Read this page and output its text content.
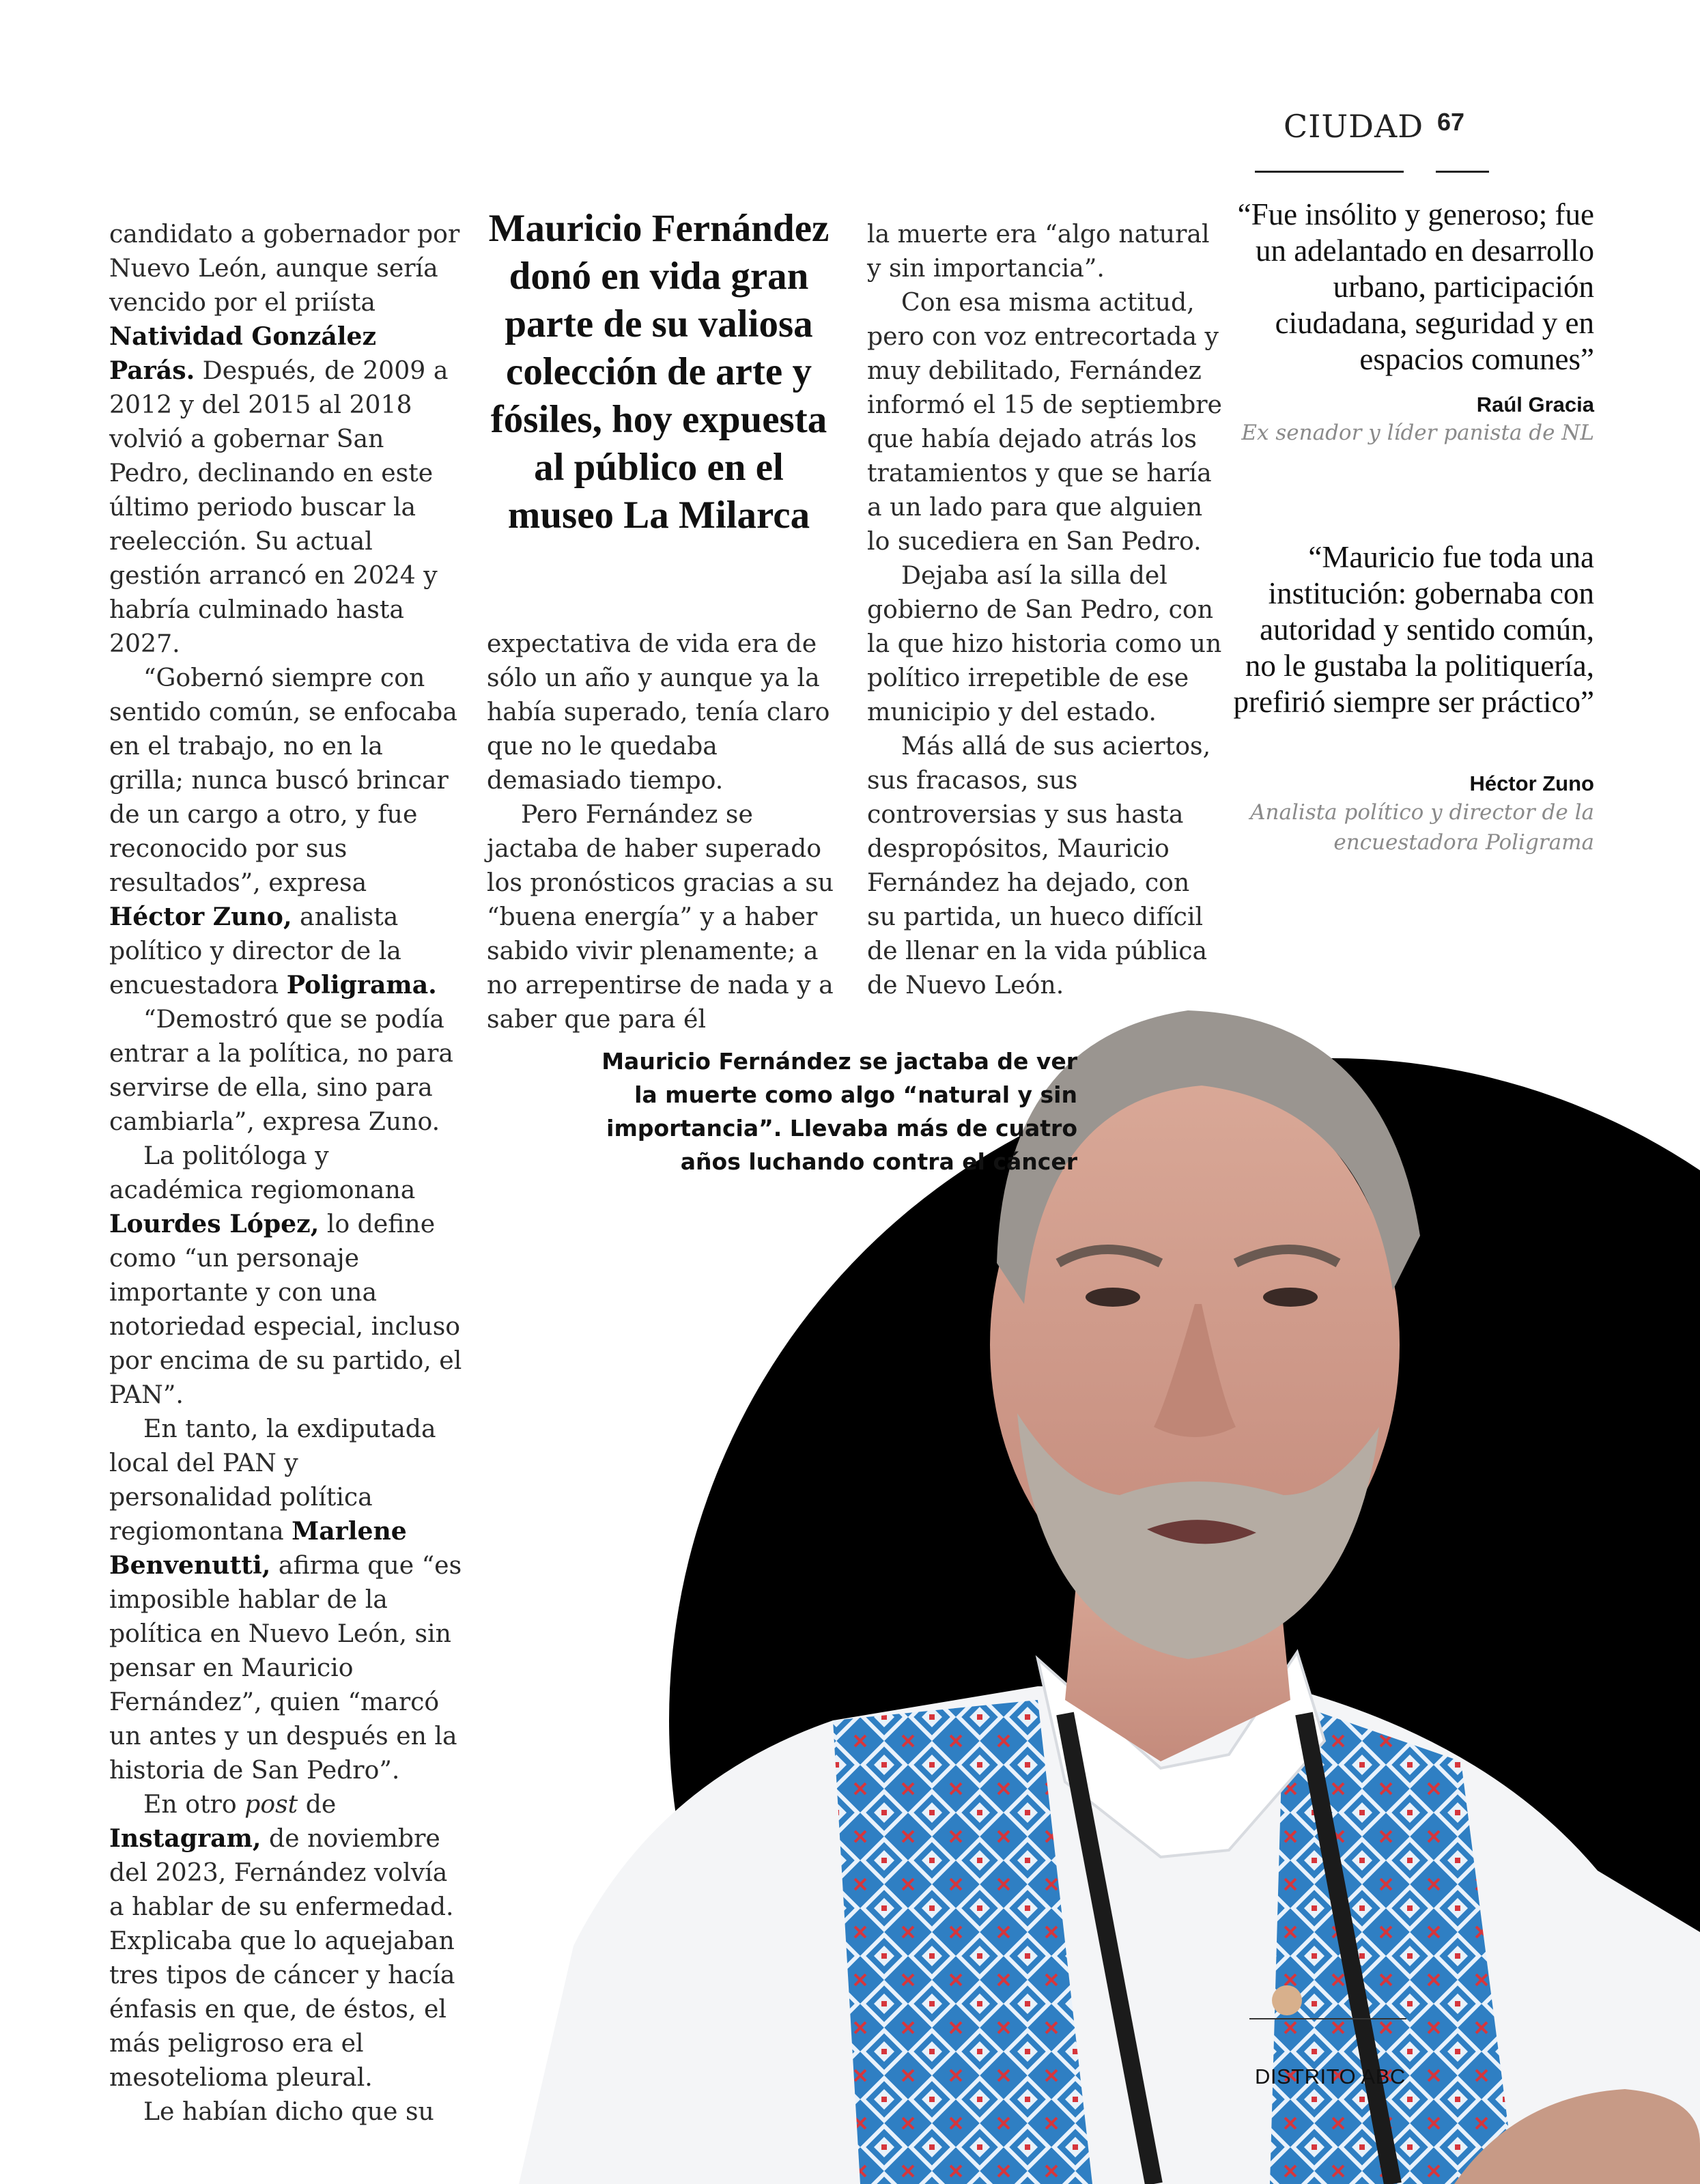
CIUDAD 67

candidato a gobernador por Nuevo León, aunque sería vencido por el priísta Natividad González Parás. Después, de 2009 a 2012 y del 2015 al 2018 volvió a gobernar San Pedro, declinando en este último periodo buscar la reelección. Su actual gestión arrancó en 2024 y habría culminado hasta 2027.

“Gobernó siempre con sentido común, se enfocaba en el trabajo, no en la grilla; nunca buscó brincar de un cargo a otro, y fue reconocido por sus resultados”, expresa Héctor Zuno, analista político y director de la encuestadora Poligrama.

“Demostró que se podía entrar a la política, no para servirse de ella, sino para cambiarla”, expresa Zuno.

La politóloga y académica regiomonana Lourdes López, lo define como “un personaje importante y con una notoriedad especial, incluso por encima de su partido, el PAN”.

En tanto, la exdiputada local del PAN y personalidad política regiomontana Marlene Benvenutti, afirma que “es imposible hablar de la política en Nuevo León, sin pensar en Mauricio Fernández”, quien “marcó un antes y un después en la historia de San Pedro”.

En otro post de Instagram, de noviembre del 2023, Fernández volvía a hablar de su enfermedad. Explicaba que lo aquejaban tres tipos de cáncer y hacía énfasis en que, de éstos, el más peligroso era el mesotelioma pleural.

Le habían dicho que su

Mauricio Fernández donó en vida gran parte de su valiosa colección de arte y fósiles, hoy expuesta al público en el museo La Milarca

expectativa de vida era de sólo un año y aunque ya la había superado, tenía claro que no le quedaba demasiado tiempo.

Pero Fernández se jactaba de haber superado los pronósticos gracias a su “buena energía” y a haber sabido vivir plenamente; a no arrepentirse de nada y a saber que para él

la muerte era “algo natural y sin importancia”.

Con esa misma actitud, pero con voz entrecortada y muy debilitado, Fernández informó el 15 de septiembre que había dejado atrás los tratamientos y que se haría a un lado para que alguien lo sucediera en San Pedro.

Dejaba así la silla del gobierno de San Pedro, con la que hizo historia como un político irrepetible de ese municipio y del estado.

Más allá de sus aciertos, sus fracasos, sus controversias y sus hasta despropósitos, Mauricio Fernández ha dejado, con su partida, un hueco difícil de llenar en la vida pública de Nuevo León.

“Fue insólito y generoso; fue un adelantado en desarrollo urbano, participación ciudadana, seguridad y en espacios comunes”
Raúl Gracia
Ex senador y líder panista de NL
“Mauricio fue toda una institución: gobernaba con autoridad y sentido común, no le gustaba la politiquería, prefirió siempre ser práctico”
Héctor Zuno
Analista político y director de la encuestadora Poligrama
Mauricio Fernández se jactaba de ver la muerte como algo “natural y sin importancia”. Llevaba más de cuatro años luchando contra el cáncer
DISTRITO ABC
